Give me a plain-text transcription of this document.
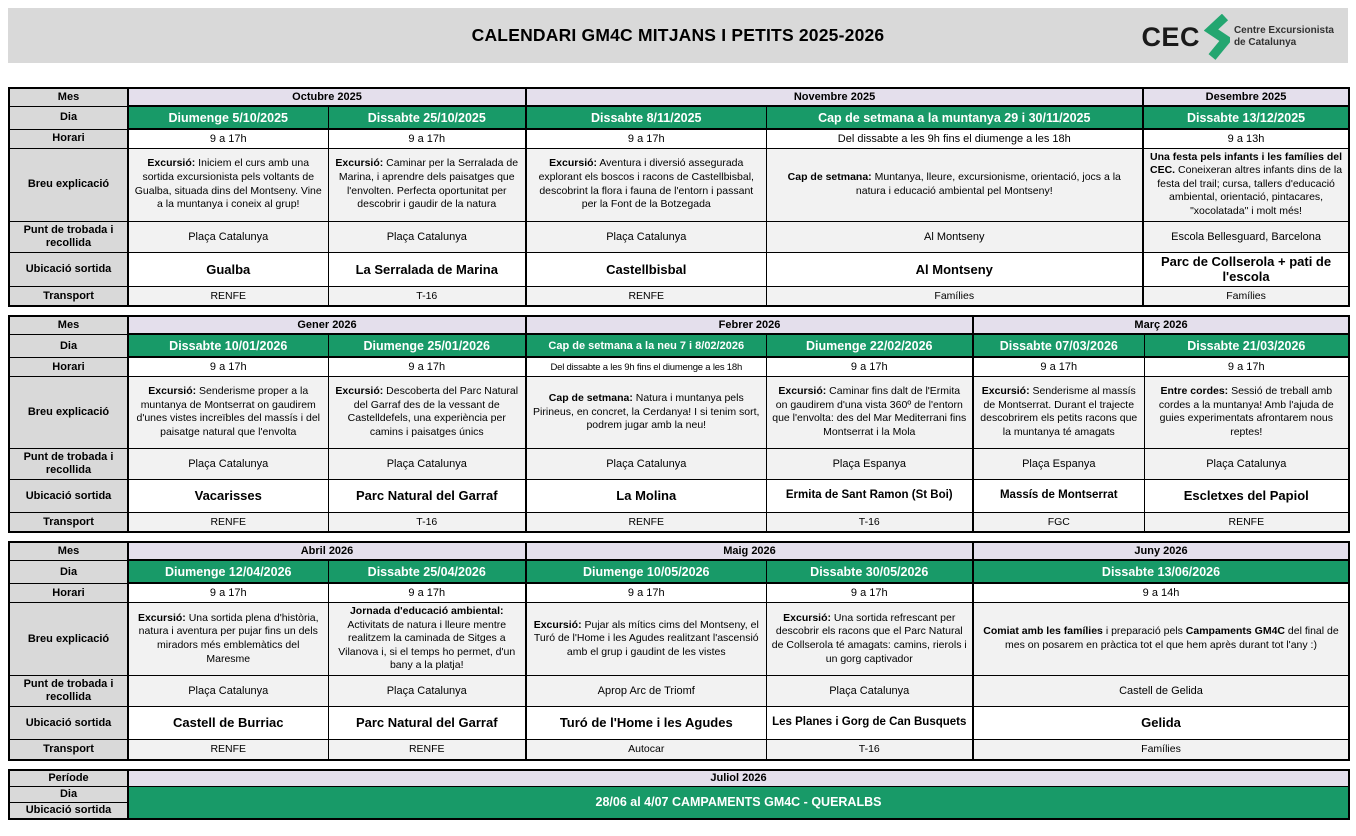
CALENDARI GM4C MITJANS I PETITS 2025-2026	CEC	Centre Excursionista
de Catalunya
Mes	Octubre 2025		Novembre 2025		Desembre 2025
Dia	Diumenge 5/10/2025	Dissabte 25/10/2025	Dissabte 8/11/2025	Cap de setmana a la muntanya 29 i 30/11/2025	Dissabte 13/12/2025
Horari	9 a 17h	9 a 17h	9 a 17h	Del dissabte a les 9h fins el diumenge a les 18h	9 a 13h
Breu explicació	Excursió: Iniciem el curs amb una sortida excursionista pels voltants de Gualba, situada dins del Montseny. Vine a la muntanya i coneix al grup!	Excursió: Caminar per la Serralada de Marina, i aprendre dels paisatges que l'envolten. Perfecta oportunitat per descobrir i gaudir de la natura	Excursió: Aventura i diversió assegurada explorant els boscos i racons de Castellbisbal, descobrint la flora i fauna de l'entorn i passant per la Font de la Botzegada	Cap de setmana: Muntanya, lleure, excursionisme, orientació, jocs a la natura i educació ambiental pel Montseny!	Una festa pels infants i les famílies del CEC. Coneixeran altres infants dins de la festa del trail; cursa, tallers d'educació ambiental, orientació, pintacares, "xocolatada" i molt més!
Punt de trobada i recollida	Plaça Catalunya	Plaça Catalunya	Plaça Catalunya	Al Montseny	Escola Bellesguard, Barcelona
Ubicació sortida	Gualba	La Serralada de Marina	Castellbisbal	Al Montseny	Parc de Collserola + pati de l'escola
Transport	RENFE	T-16	RENFE	Famílies	Famílies
Mes	Gener 2026		Febrer 2026		Març 2026	
Dia	Dissabte 10/01/2026	Diumenge 25/01/2026	Cap de setmana a la neu 7 i 8/02/2026	Diumenge 22/02/2026	Dissabte 07/03/2026	Dissabte 21/03/2026
Horari	9 a 17h	9 a 17h	Del dissabte a les 9h fins el diumenge a les 18h	9 a 17h	9 a 17h	9 a 17h
Breu explicació	Excursió: Senderisme proper a la muntanya de Montserrat on gaudirem d'unes vistes increïbles del massís i del paisatge natural que l'envolta	Excursió: Descoberta del Parc Natural del Garraf des de la vessant de Castelldefels, una experiència per camins i paisatges únics	Cap de setmana: Natura i muntanya pels Pirineus, en concret, la Cerdanya! I si tenim sort, podrem jugar amb la neu!	Excursió: Caminar fins dalt de l'Ermita on gaudirem d'una vista 360º de l'entorn que l'envolta: des del Mar Mediterrani fins Montserrat i la Mola	Excursió: Senderisme al massís de Montserrat. Durant el trajecte descobrirem els petits racons que la muntanya té amagats	Entre cordes: Sessió de treball amb cordes a la muntanya! Amb l'ajuda de guies experimentats afrontarem nous reptes!
Punt de trobada i recollida	Plaça Catalunya	Plaça Catalunya	Plaça Catalunya	Plaça Espanya	Plaça Espanya	Plaça Catalunya
Ubicació sortida	Vacarisses	Parc Natural del Garraf	La Molina	Ermita de Sant Ramon (St Boi)	Massís de Montserrat	Escletxes del Papiol
Transport	RENFE	T-16	RENFE	T-16	FGC	RENFE
Mes	Abril 2026		Maig 2026		Juny 2026
Dia	Diumenge 12/04/2026	Dissabte 25/04/2026	Diumenge 10/05/2026	Dissabte 30/05/2026	Dissabte 13/06/2026
Horari	9 a 17h	9 a 17h	9 a 17h	9 a 17h	9 a 14h
Breu explicació	Excursió: Una sortida plena d'història, natura i aventura per pujar fins un dels miradors més emblemàtics del Maresme	Jornada d'educació ambiental: Activitats de natura i lleure mentre realitzem la caminada de Sitges a Vilanova i, si el temps ho permet, d'un bany a la platja!	Excursió: Pujar als mítics cims del Montseny, el Turó de l'Home i les Agudes realitzant l'ascensió amb el grup i gaudint de les vistes	Excursió: Una sortida refrescant per descobrir els racons que el Parc Natural de Collserola té amagats: camins, rierols i un gorg captivador	Comiat amb les famílies i preparació pels Campaments GM4C del final de mes on posarem en pràctica tot el que hem après durant tot l'any :)
Punt de trobada i recollida	Plaça Catalunya	Plaça Catalunya	Aprop Arc de Triomf	Plaça Catalunya	Castell de Gelida
Ubicació sortida	Castell de Burriac	Parc Natural del Garraf	Turó de l'Home i les Agudes	Les Planes i Gorg de Can Busquets	Gelida
Transport	RENFE	RENFE	Autocar	T-16	Famílies
Període	Juliol 2026
Dia	28/06 al 4/07 CAMPAMENTS GM4C - QUERALBS
Ubicació sortida	
